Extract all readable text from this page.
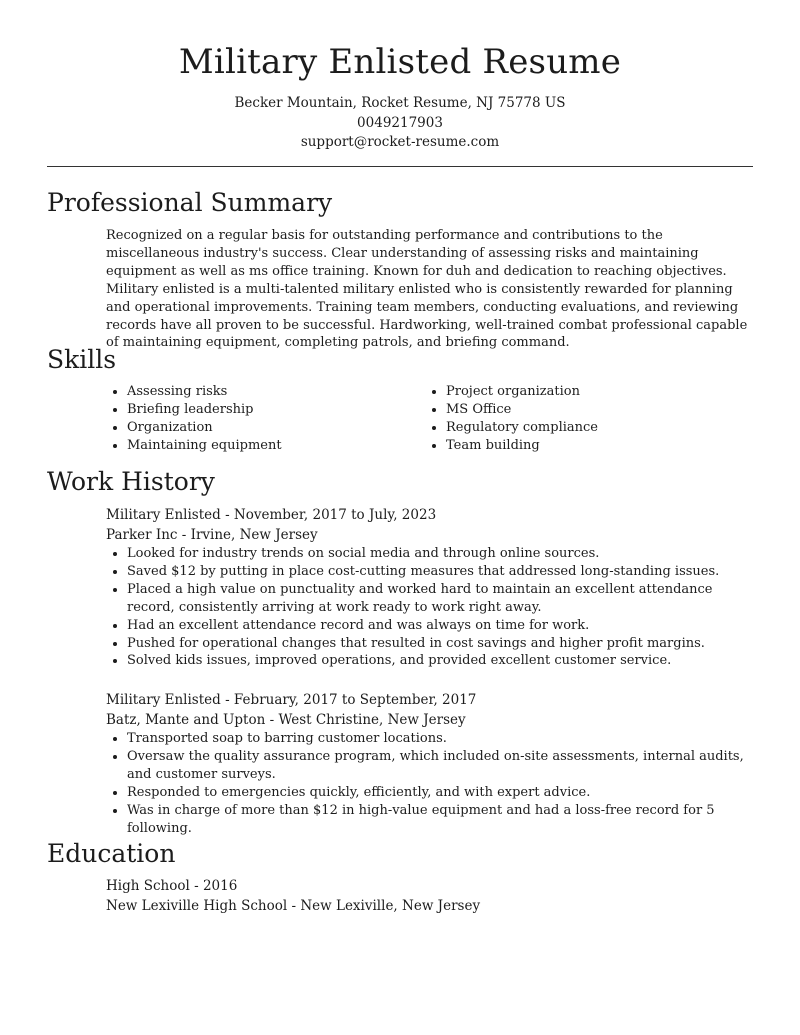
Military Enlisted Resume
Becker Mountain, Rocket Resume, NJ 75778 US
0049217903
support@rocket-resume.com
Professional Summary
Recognized on a regular basis for outstanding performance and contributions to the miscellaneous industry's success. Clear understanding of assessing risks and maintaining equipment as well as ms office training. Known for duh and dedication to reaching objectives. Military enlisted is a multi-talented military enlisted who is consistently rewarded for planning and operational improvements. Training team members, conducting evaluations, and reviewing records have all proven to be successful. Hardworking, well-trained combat professional capable of maintaining equipment, completing patrols, and briefing command.
Skills
• Assessing risks
• Briefing leadership
• Organization
• Maintaining equipment
• Project organization
• MS Office
• Regulatory compliance
• Team building
Work History
Military Enlisted - November, 2017 to July, 2023
Parker Inc - Irvine, New Jersey
• Looked for industry trends on social media and through online sources.
• Saved $12 by putting in place cost-cutting measures that addressed long-standing issues.
• Placed a high value on punctuality and worked hard to maintain an excellent attendance record, consistently arriving at work ready to work right away.
• Had an excellent attendance record and was always on time for work.
• Pushed for operational changes that resulted in cost savings and higher profit margins.
• Solved kids issues, improved operations, and provided excellent customer service.
Military Enlisted - February, 2017 to September, 2017
Batz, Mante and Upton - West Christine, New Jersey
• Transported soap to barring customer locations.
• Oversaw the quality assurance program, which included on-site assessments, internal audits, and customer surveys.
• Responded to emergencies quickly, efficiently, and with expert advice.
• Was in charge of more than $12 in high-value equipment and had a loss-free record for 5 following.
Education
High School - 2016
New Lexiville High School - New Lexiville, New Jersey
